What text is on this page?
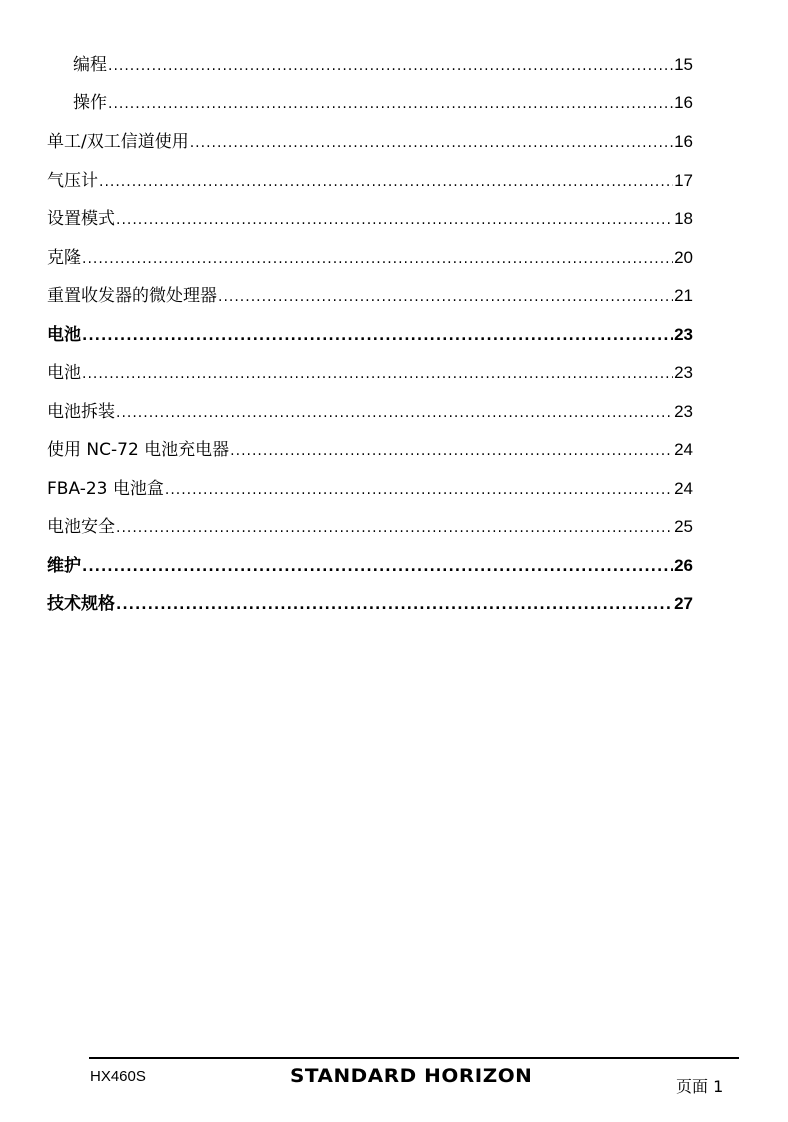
编程 .....	15
操作 .....	16
单工/双工信道使用 .....	16
气压计 .....	17
设置模式 .....	18
克隆 .....	20
重置收发器的微处理器 .....	21
电池 .....	23
电池 .....	23
电池拆装 .....	23
使用 NC-72 电池充电器 .....	24
FBA-23 电池盒 .....	24
电池安全 .....	25
维护 .....	26
技术规格 .....	27
HX460S	STANDARD HORIZON	页面 1
